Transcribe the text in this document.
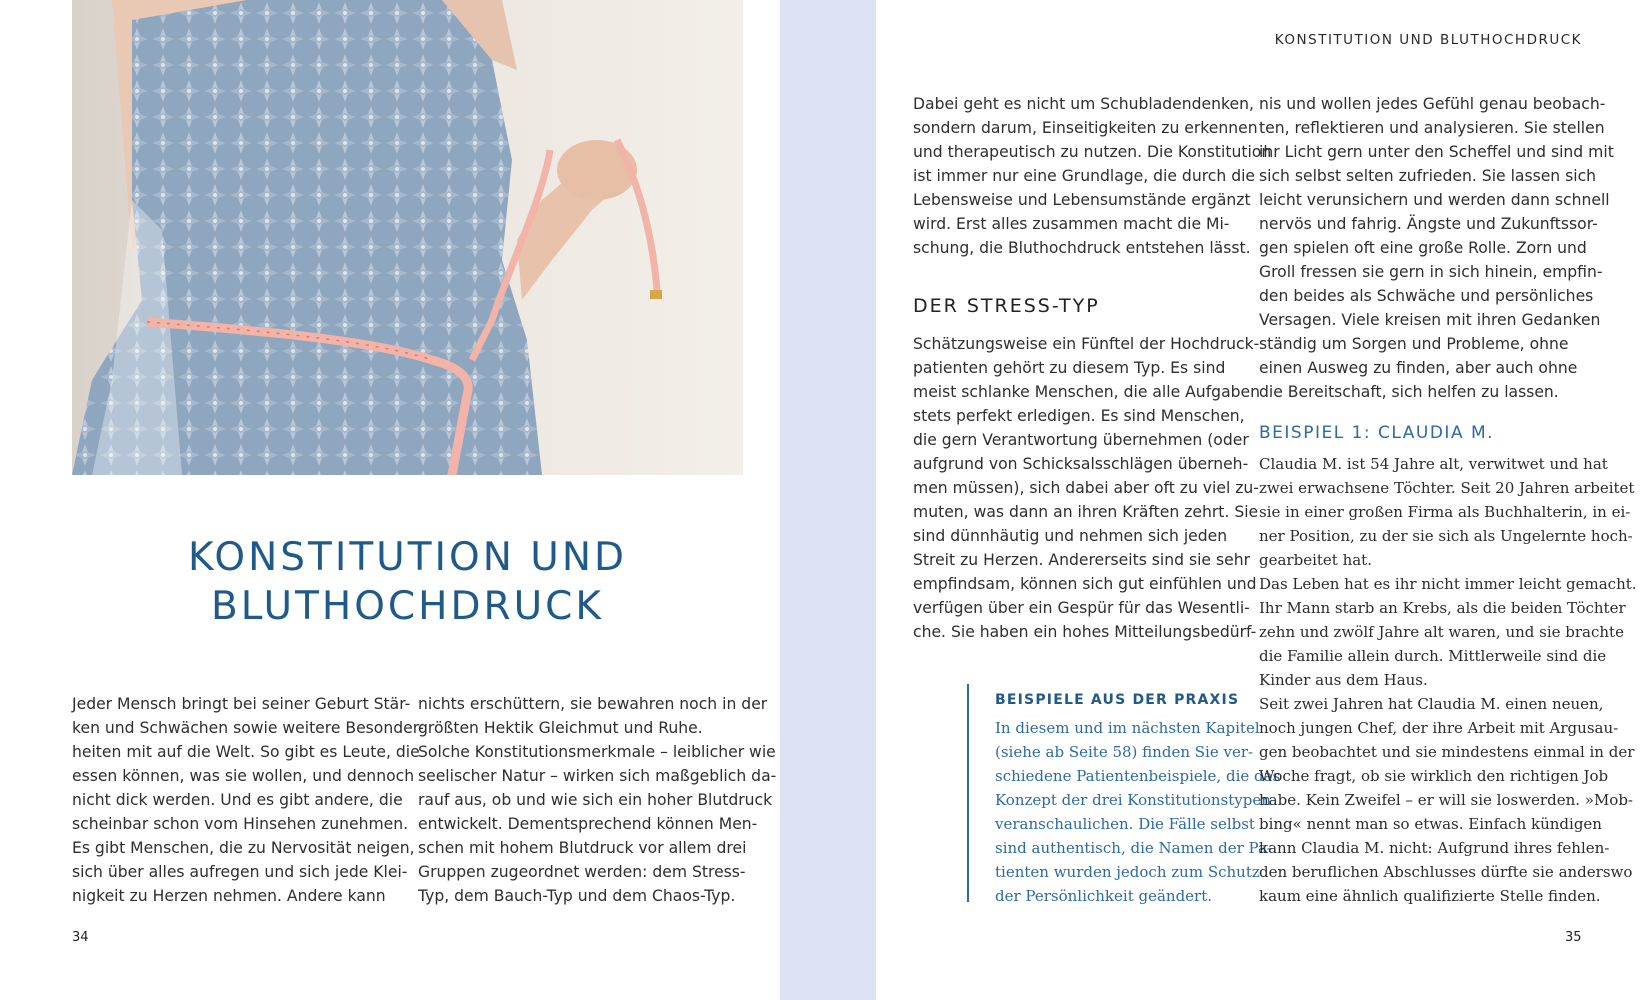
KONSTITUTION UND
BLUTHOCHDRUCK
Jeder Mensch bringt bei seiner Geburt Stär-
ken und Schwächen sowie weitere Besonder-
heiten mit auf die Welt. So gibt es Leute, die
essen können, was sie wollen, und dennoch
nicht dick werden. Und es gibt andere, die
scheinbar schon vom Hinsehen zunehmen.
Es gibt Menschen, die zu Nervosität neigen,
sich über alles aufregen und sich jede Klei-
nigkeit zu Herzen nehmen. Andere kann
nichts erschüttern, sie bewahren noch in der
größten Hektik Gleichmut und Ruhe.
Solche Konstitutionsmerkmale – leiblicher wie
seelischer Natur – wirken sich maßgeblich da-
rauf aus, ob und wie sich ein hoher Blutdruck
entwickelt. Dementsprechend können Men-
schen mit hohem Blutdruck vor allem drei
Gruppen zugeordnet werden: dem Stress-
Typ, dem Bauch-Typ und dem Chaos-Typ.
34
KONSTITUTION UND BLUTHOCHDRUCK
Dabei geht es nicht um Schubladendenken,
sondern darum, Einseitigkeiten zu erkennen
und therapeutisch zu nutzen. Die Konstitution
ist immer nur eine Grundlage, die durch die
Lebensweise und Lebensumstände ergänzt
wird. Erst alles zusammen macht die Mi-
schung, die Bluthochdruck entstehen lässt.
DER STRESS-TYP
Schätzungsweise ein Fünftel der Hochdruck-
patienten gehört zu diesem Typ. Es sind
meist schlanke Menschen, die alle Aufgaben
stets perfekt erledigen. Es sind Menschen,
die gern Verantwortung übernehmen (oder
aufgrund von Schicksalsschlägen überneh-
men müssen), sich dabei aber oft zu viel zu-
muten, was dann an ihren Kräften zehrt. Sie
sind dünnhäutig und nehmen sich jeden
Streit zu Herzen. Andererseits sind sie sehr
empfindsam, können sich gut einfühlen und
verfügen über ein Gespür für das Wesentli-
che. Sie haben ein hohes Mitteilungsbedürf-
BEISPIELE AUS DER PRAXIS
In diesem und im nächsten Kapitel
(siehe ab Seite 58) finden Sie ver-
schiedene Patientenbeispiele, die das
Konzept der drei Konstitutionstypen
veranschaulichen. Die Fälle selbst
sind authentisch, die Namen der Pa-
tienten wurden jedoch zum Schutz
der Persönlichkeit geändert.
nis und wollen jedes Gefühl genau beobach-
ten, reflektieren und analysieren. Sie stellen
ihr Licht gern unter den Scheffel und sind mit
sich selbst selten zufrieden. Sie lassen sich
leicht verunsichern und werden dann schnell
nervös und fahrig. Ängste und Zukunftssor-
gen spielen oft eine große Rolle. Zorn und
Groll fressen sie gern in sich hinein, empfin-
den beides als Schwäche und persönliches
Versagen. Viele kreisen mit ihren Gedanken
ständig um Sorgen und Probleme, ohne
einen Ausweg zu finden, aber auch ohne
die Bereitschaft, sich helfen zu lassen.
BEISPIEL 1: CLAUDIA M.
Claudia M. ist 54 Jahre alt, verwitwet und hat
zwei erwachsene Töchter. Seit 20 Jahren arbeitet
sie in einer großen Firma als Buchhalterin, in ei-
ner Position, zu der sie sich als Ungelernte hoch-
gearbeitet hat.
Das Leben hat es ihr nicht immer leicht gemacht.
Ihr Mann starb an Krebs, als die beiden Töchter
zehn und zwölf Jahre alt waren, und sie brachte
die Familie allein durch. Mittlerweile sind die
Kinder aus dem Haus.
Seit zwei Jahren hat Claudia M. einen neuen,
noch jungen Chef, der ihre Arbeit mit Argusau-
gen beobachtet und sie mindestens einmal in der
Woche fragt, ob sie wirklich den richtigen Job
habe. Kein Zweifel – er will sie loswerden. »Mob-
bing« nennt man so etwas. Einfach kündigen
kann Claudia M. nicht: Aufgrund ihres fehlen-
den beruflichen Abschlusses dürfte sie anderswo
kaum eine ähnlich qualifizierte Stelle finden.
35
